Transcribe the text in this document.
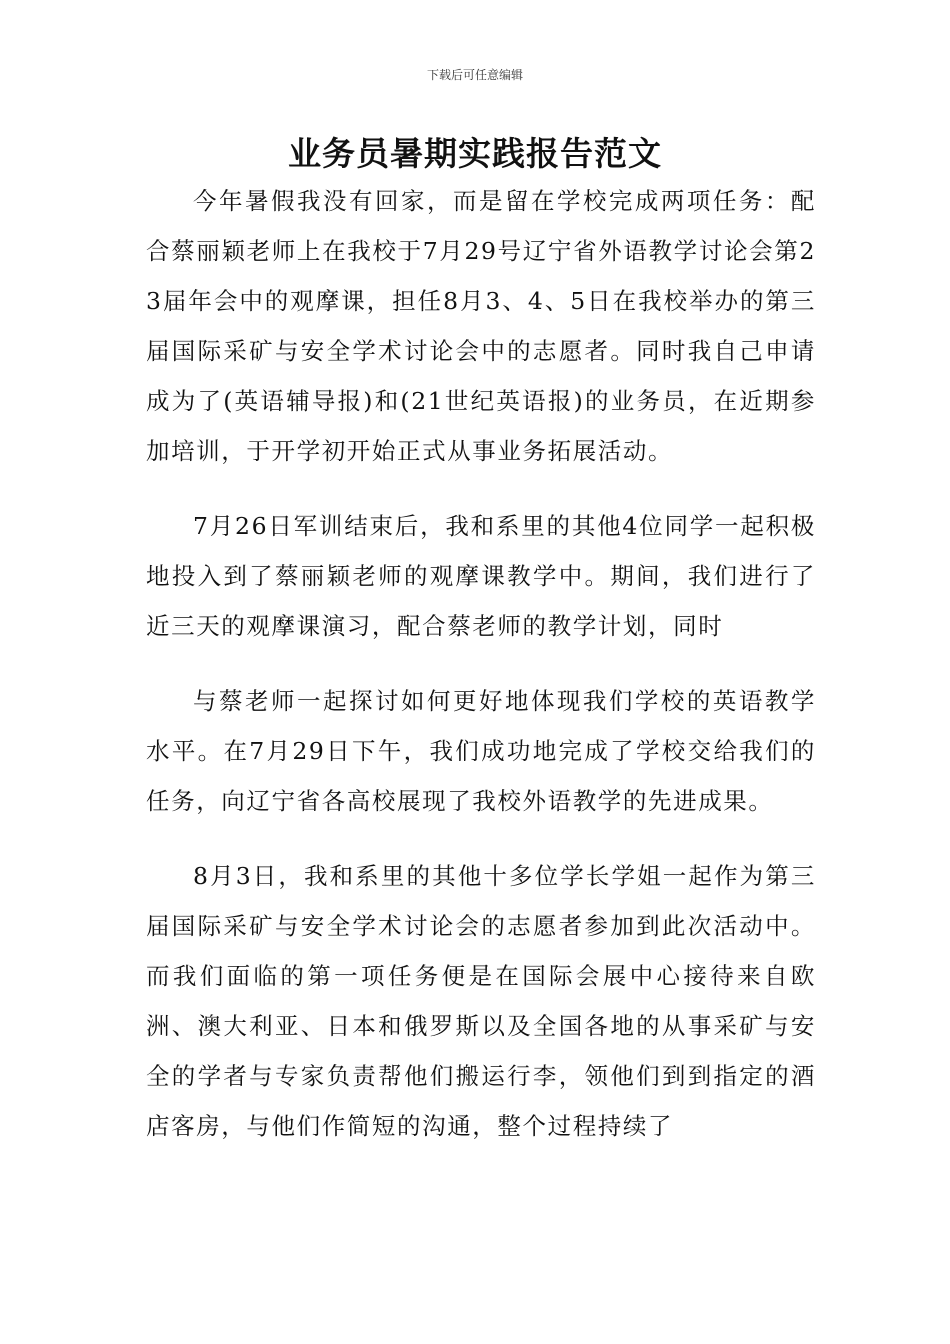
下载后可任意编辑
业务员暑期实践报告范文

今年暑假我没有回家，而是留在学校完成两项任务：配合蔡丽颖老师上在我校于7月29号辽宁省外语教学讨论会第23届年会中的观摩课，担任8月3、4、5日在我校举办的第三届国际采矿与安全学术讨论会中的志愿者。同时我自己申请成为了(英语辅导报)和(21世纪英语报)的业务员，在近期参加培训，于开学初开始正式从事业务拓展活动。

7月26日军训结束后，我和系里的其他4位同学一起积极地投入到了蔡丽颖老师的观摩课教学中。期间，我们进行了近三天的观摩课演习，配合蔡老师的教学计划，同时

与蔡老师一起探讨如何更好地体现我们学校的英语教学水平。在7月29日下午，我们成功地完成了学校交给我们的任务，向辽宁省各高校展现了我校外语教学的先进成果。

8月3日，我和系里的其他十多位学长学姐一起作为第三届国际采矿与安全学术讨论会的志愿者参加到此次活动中。而我们面临的第一项任务便是在国际会展中心接待来自欧洲、澳大利亚、日本和俄罗斯以及全国各地的从事采矿与安全的学者与专家负责帮他们搬运行李，领他们到到指定的酒店客房，与他们作简短的沟通，整个过程持续了
